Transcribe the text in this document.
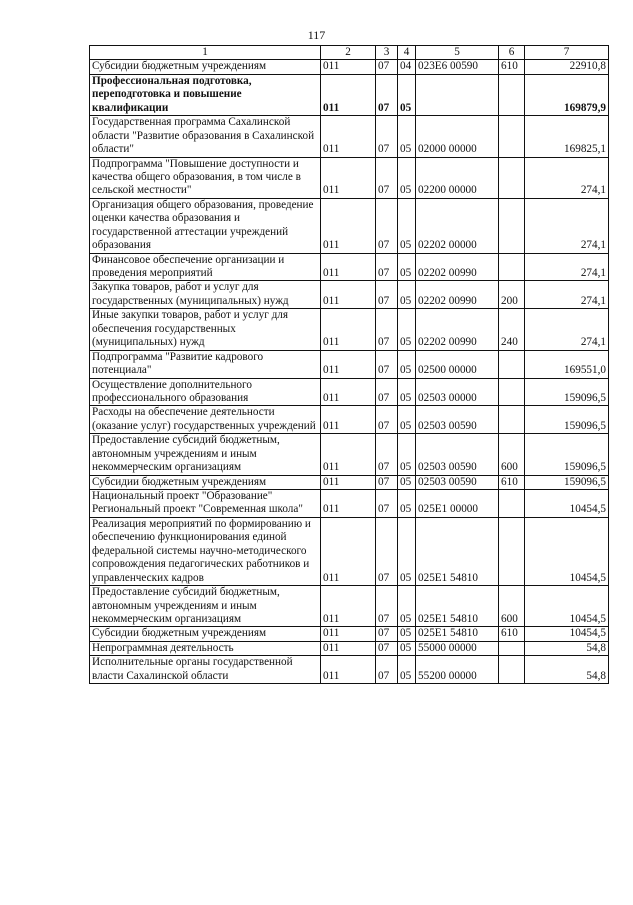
117
1	2	3	4	5	6	7
Субсидии бюджетным учреждениям	011	07	04	023E6 00590	610	22910,8
Профессиональная подготовка, переподготовка и повышение квалификации	011	07	05			169879,9
Государственная программа Сахалинской области "Развитие образования в Сахалинской области"	011	07	05	02000 00000		169825,1
Подпрограмма "Повышение доступности и качества общего образования, в том числе в сельской местности"	011	07	05	02200 00000		274,1
Организация общего образования, проведение оценки качества образования и государственной аттестации учреждений образования	011	07	05	02202 00000		274,1
Финансовое обеспечение организации и проведения мероприятий	011	07	05	02202 00990		274,1
Закупка товаров, работ и услуг для государственных (муниципальных) нужд	011	07	05	02202 00990	200	274,1
Иные закупки товаров, работ и услуг для обеспечения государственных (муниципальных) нужд	011	07	05	02202 00990	240	274,1
Подпрограмма "Развитие кадрового потенциала"	011	07	05	02500 00000		169551,0
Осуществление дополнительного профессионального образования	011	07	05	02503 00000		159096,5
Расходы на обеспечение деятельности (оказание услуг) государственных учреждений	011	07	05	02503 00590		159096,5
Предоставление субсидий бюджетным, автономным учреждениям и иным некоммерческим организациям	011	07	05	02503 00590	600	159096,5
Субсидии бюджетным учреждениям	011	07	05	02503 00590	610	159096,5
Национальный проект "Образование" Региональный проект "Современная школа"	011	07	05	025E1 00000		10454,5
Реализация мероприятий по формированию и обеспечению функционирования единой федеральной системы научно-методического сопровождения педагогических работников и управленческих кадров	011	07	05	025E1 54810		10454,5
Предоставление субсидий бюджетным, автономным учреждениям и иным некоммерческим организациям	011	07	05	025E1 54810	600	10454,5
Субсидии бюджетным учреждениям	011	07	05	025E1 54810	610	10454,5
Непрограммная деятельность	011	07	05	55000 00000		54,8
Исполнительные органы государственной власти Сахалинской области	011	07	05	55200 00000		54,8
